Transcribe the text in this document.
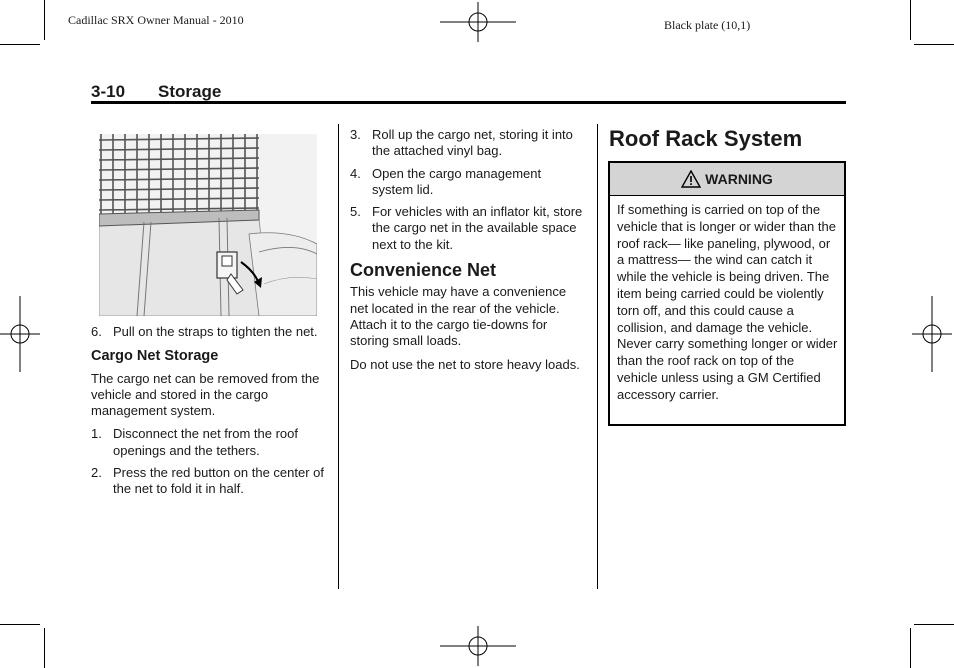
Cadillac SRX Owner Manual - 2010	Black plate (10,1)
3-10 Storage
6. Pull on the straps to tighten the net.
Cargo Net Storage

The cargo net can be removed from the vehicle and stored in the cargo management system.

1. Disconnect the net from the roof openings and the tethers.
2. Press the red button on the center of the net to fold it in half.
3. Roll up the cargo net, storing it into the attached vinyl bag.
4. Open the cargo management system lid.
5. For vehicles with an inflator kit, store the cargo net in the available space next to the kit.
Convenience Net

This vehicle may have a convenience net located in the rear of the vehicle. Attach it to the cargo tie-downs for storing small loads.

Do not use the net to store heavy loads.

Roof Rack System
WARNING
If something is carried on top of the vehicle that is longer or wider than the roof rack— like paneling, plywood, or a mattress— the wind can catch it while the vehicle is being driven. The item being carried could be violently torn off, and this could cause a collision, and damage the vehicle. Never carry something longer or wider than the roof rack on top of the vehicle unless using a GM Certified accessory carrier.
